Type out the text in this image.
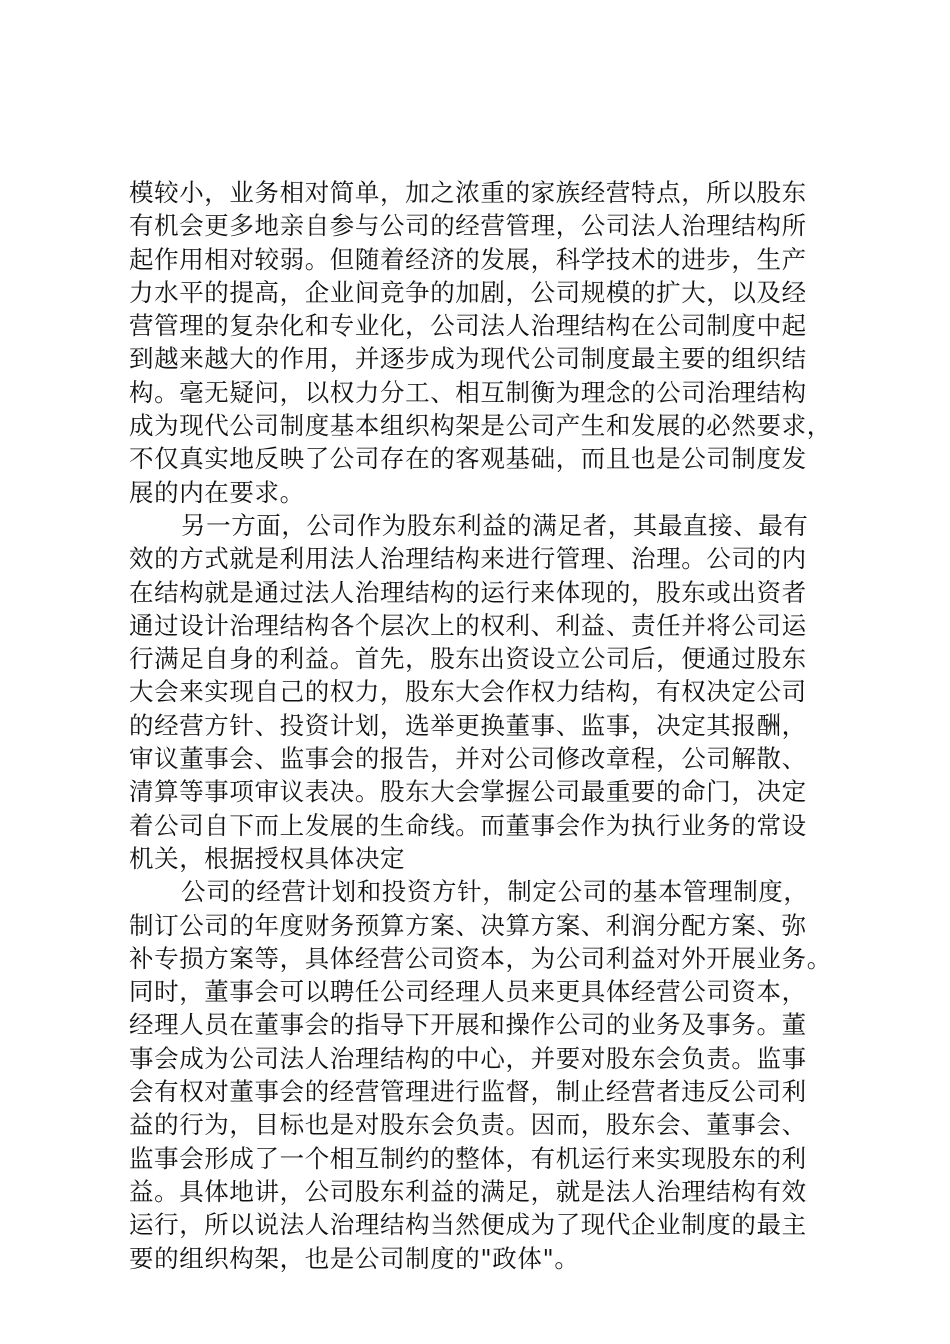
模较小，业务相对简单，加之浓重的家族经营特点，所以股东
有机会更多地亲自参与公司的经营管理，公司法人治理结构所
起作用相对较弱。但随着经济的发展，科学技术的进步，生产
力水平的提高，企业间竞争的加剧，公司规模的扩大，以及经
营管理的复杂化和专业化，公司法人治理结构在公司制度中起
到越来越大的作用，并逐步成为现代公司制度最主要的组织结
构。毫无疑问，以权力分工、相互制衡为理念的公司治理结构
成为现代公司制度基本组织构架是公司产生和发展的必然要求，
不仅真实地反映了公司存在的客观基础，而且也是公司制度发
展的内在要求。
另一方面，公司作为股东利益的满足者，其最直接、最有
效的方式就是利用法人治理结构来进行管理、治理。公司的内
在结构就是通过法人治理结构的运行来体现的，股东或出资者
通过设计治理结构各个层次上的权利、利益、责任并将公司运
行满足自身的利益。首先，股东出资设立公司后，便通过股东
大会来实现自己的权力，股东大会作权力结构，有权决定公司
的经营方针、投资计划，选举更换董事、监事，决定其报酬，
审议董事会、监事会的报告，并对公司修改章程，公司解散、
清算等事项审议表决。股东大会掌握公司最重要的命门，决定
着公司自下而上发展的生命线。而董事会作为执行业务的常设
机关，根据授权具体决定
公司的经营计划和投资方针，制定公司的基本管理制度，
制订公司的年度财务预算方案、决算方案、利润分配方案、弥
补专损方案等，具体经营公司资本，为公司利益对外开展业务。
同时，董事会可以聘任公司经理人员来更具体经营公司资本，
经理人员在董事会的指导下开展和操作公司的业务及事务。董
事会成为公司法人治理结构的中心，并要对股东会负责。监事
会有权对董事会的经营管理进行监督，制止经营者违反公司利
益的行为，目标也是对股东会负责。因而，股东会、董事会、
监事会形成了一个相互制约的整体，有机运行来实现股东的利
益。具体地讲，公司股东利益的满足，就是法人治理结构有效
运行，所以说法人治理结构当然便成为了现代企业制度的最主
要的组织构架，也是公司制度的"政体"。
